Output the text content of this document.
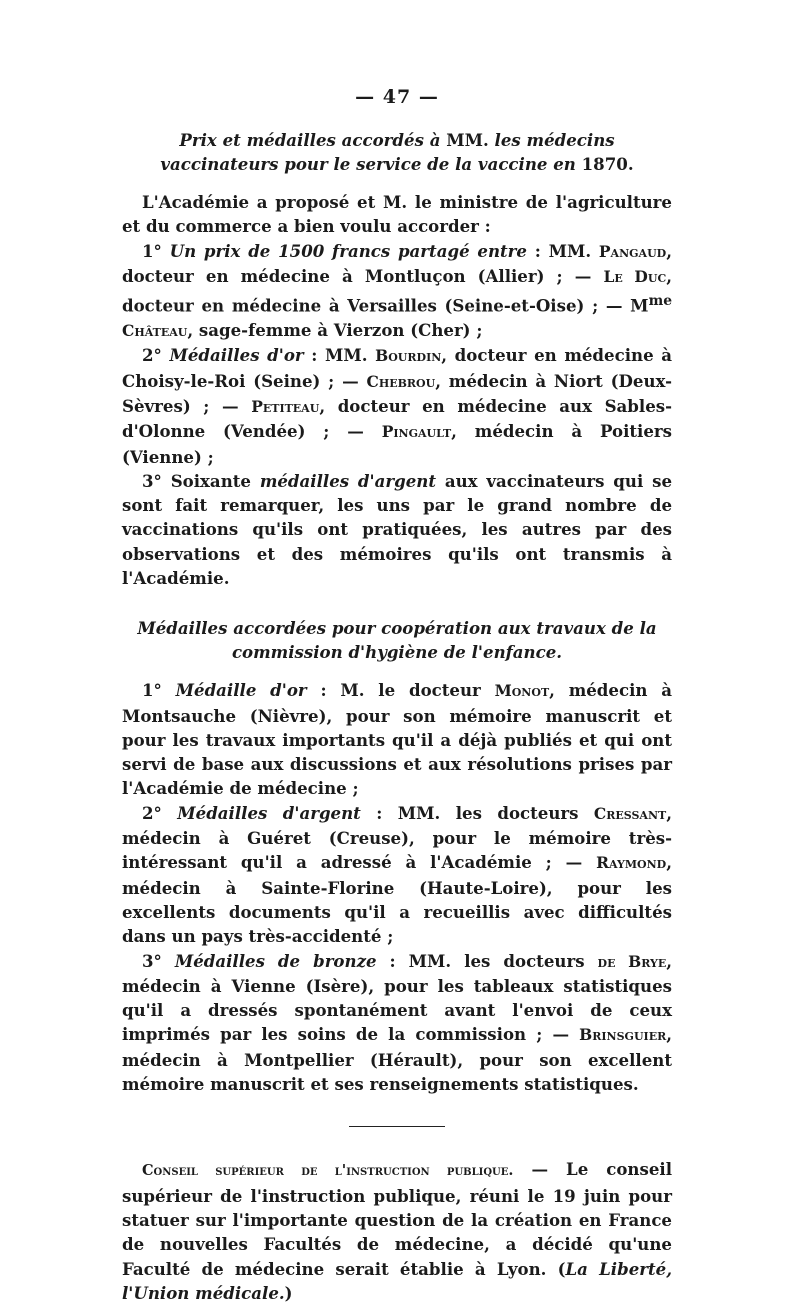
— 47 —
Prix et médailles accordés à MM. les médecins vaccinateurs pour le service de la vaccine en 1870.

L'Académie a proposé et M. le ministre de l'agriculture et du commerce a bien voulu accorder :

1° Un prix de 1500 francs partagé entre : MM. Pangaud, docteur en médecine à Montluçon (Allier) ; — Le Duc, docteur en médecine à Versailles (Seine-et-Oise) ; — $M^{me}$ Château, sage-femme à Vierzon (Cher) ;

2° Médailles d'or : MM. Bourdin, docteur en médecine à Choisy-le-Roi (Seine) ; — Chebrou, médecin à Niort (Deux-Sèvres) ; — Petiteau, docteur en médecine aux Sables-d'Olonne (Vendée) ; — Pingault, médecin à Poitiers (Vienne) ;

3° Soixante médailles d'argent aux vaccinateurs qui se sont fait remarquer, les uns par le grand nombre de vaccinations qu'ils ont pratiquées, les autres par des observations et des mémoires qu'ils ont transmis à l'Académie.

Médailles accordées pour coopération aux travaux de la commission d'hygiène de l'enfance.

1° Médaille d'or : M. le docteur Monot, médecin à Montsauche (Nièvre), pour son mémoire manuscrit et pour les travaux importants qu'il a déjà publiés et qui ont servi de base aux discussions et aux résolutions prises par l'Académie de médecine ;

2° Médailles d'argent : MM. les docteurs Cressant, médecin à Guéret (Creuse), pour le mémoire très-intéressant qu'il a adressé à l'Académie ; — Raymond, médecin à Sainte-Florine (Haute-Loire), pour les excellents documents qu'il a recueillis avec difficultés dans un pays très-accidenté ;

3° Médailles de bronze : MM. les docteurs de Brye, médecin à Vienne (Isère), pour les tableaux statistiques qu'il a dressés spontanément avant l'envoi de ceux imprimés par les soins de la commission ; — Brinsguier, médecin à Montpellier (Hérault), pour son excellent mémoire manuscrit et ses renseignements statistiques.

Conseil supérieur de l'instruction publique. — Le conseil supérieur de l'instruction publique, réuni le 19 juin pour statuer sur l'importante question de la création en France de nouvelles Facultés de médecine, a décidé qu'une Faculté de médecine serait établie à Lyon. (La Liberté, l'Union médicale.)
